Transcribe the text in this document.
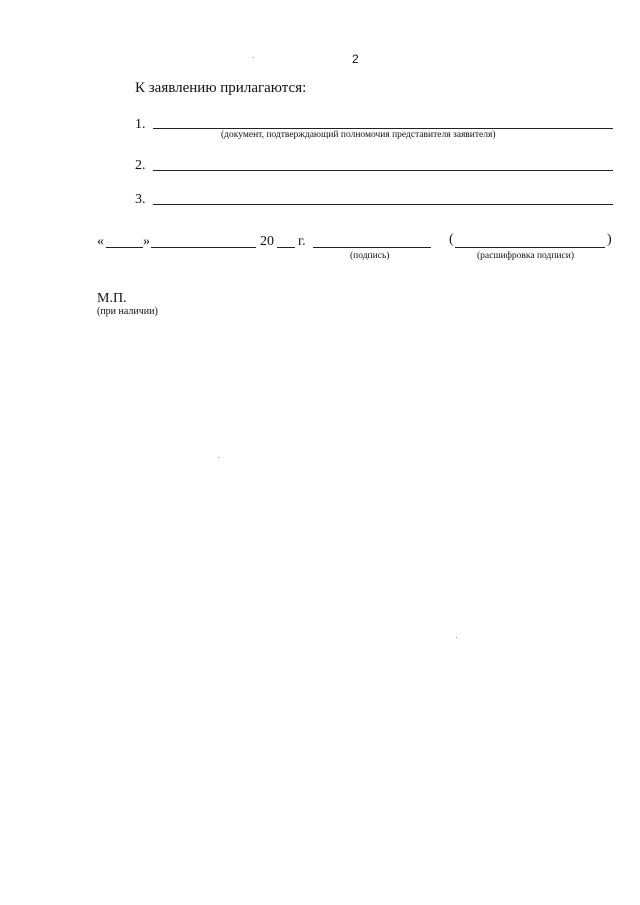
2
К заявлению прилагаются:
1.
(документ, подтверждающий полномочия представителя заявителя)
2.
3.
«	»	20 г.
(подпись)
(	)
(расшифровка подписи)
М.П.
(при наличии)
